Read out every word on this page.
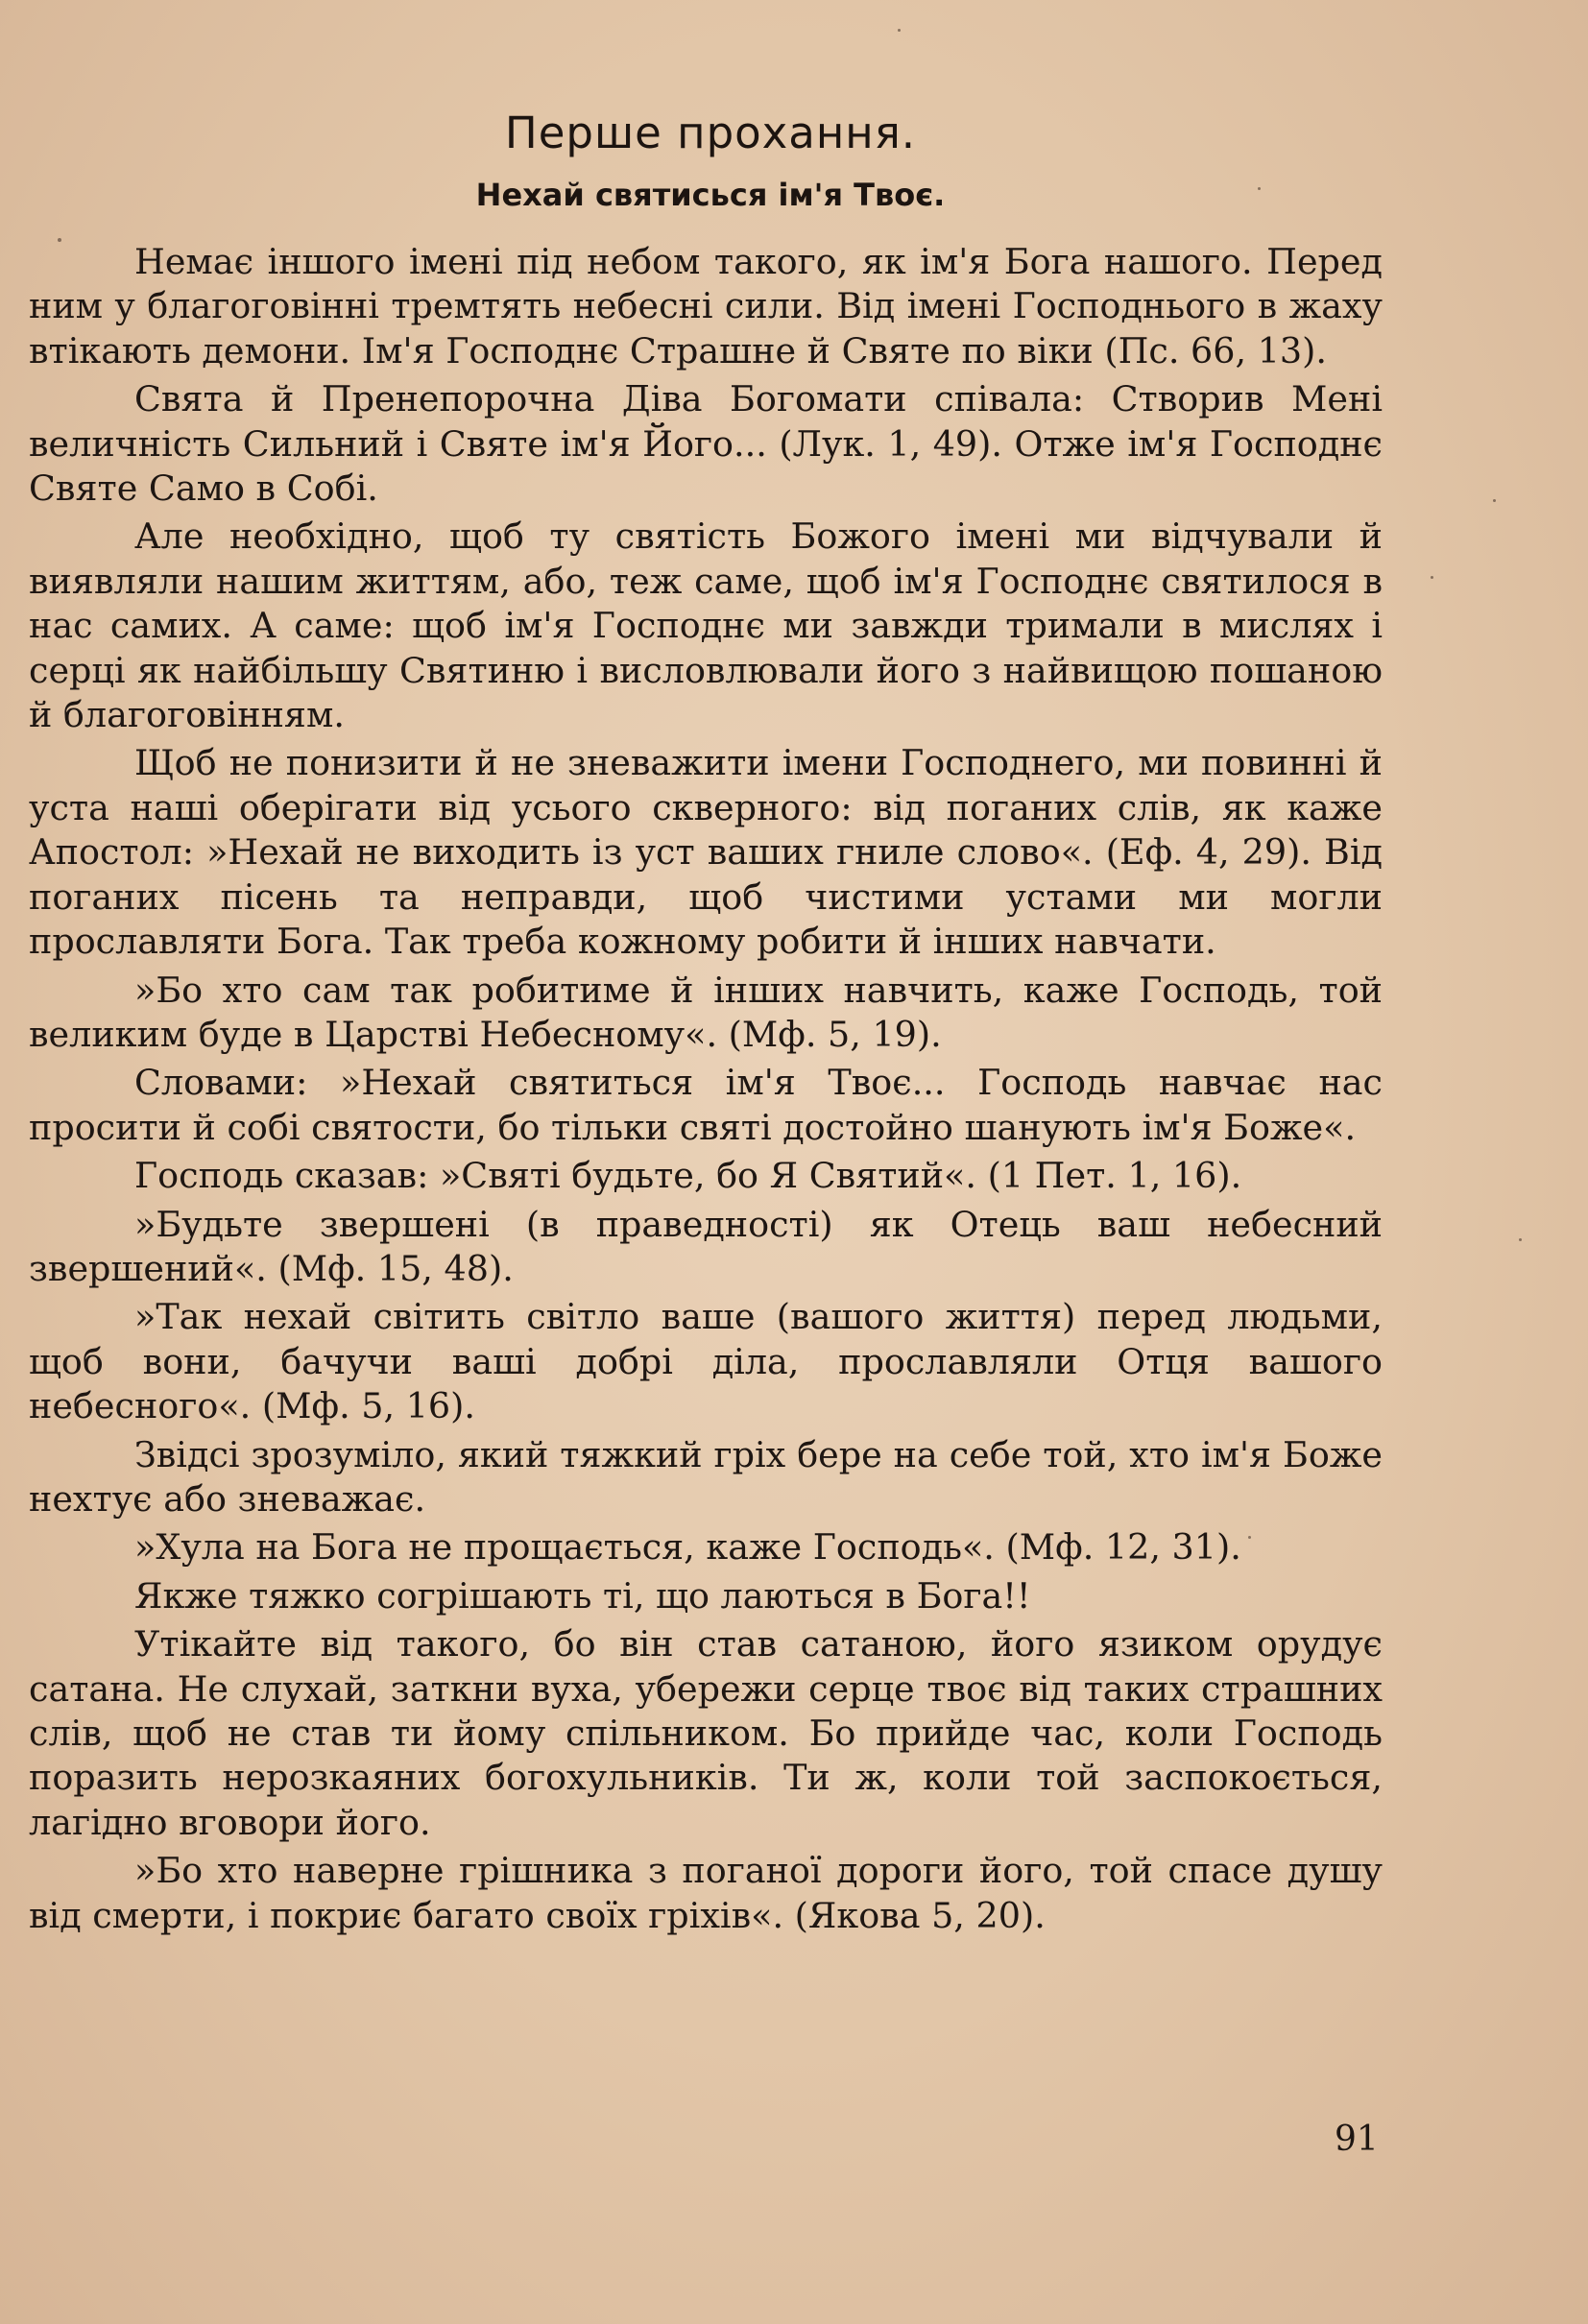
Перше прохання.
Нехай святисься ім'я Твоє.

Немає іншого імені під небом такого, як ім'я Бога нашого. Перед ним у благоговінні тремтять небесні сили. Від імені Господнього в жаху втікають демони. Ім'я Господнє Страшне й Святе по віки (Пс. 66, 13).

Свята й Пренепорочна Діва Богомати співала: Створив Мені величність Сильний і Святе ім'я Його... (Лук. 1, 49). Отже ім'я Господнє Святе Само в Собі.

Але необхідно, щоб ту святість Божого імені ми відчували й виявляли нашим життям, або, теж саме, щоб ім'я Господнє святилося в нас самих. А саме: щоб ім'я Господнє ми завжди тримали в мислях і серці як найбільшу Святиню і висловлювали його з найвищою пошаною й благоговінням.

Щоб не понизити й не зневажити імени Господнего, ми повинні й уста наші оберігати від усього скверного: від поганих слів, як каже Апостол: »Нехай не виходить із уст ваших гниле слово«. (Еф. 4, 29). Від поганих пісень та неправди, щоб чистими устами ми могли прославляти Бога. Так треба кожному робити й інших навчати.

»Бо хто сам так робитиме й інших навчить, каже Господь, той великим буде в Царстві Небесному«. (Мф. 5, 19).

Словами: »Нехай святиться ім'я Твоє... Господь навчає нас просити й собі святости, бо тільки святі достойно шанують ім'я Боже«.

Господь сказав: »Святі будьте, бо Я Святий«. (1 Пет. 1, 16).

»Будьте звершені (в праведності) як Отець ваш небесний звершений«. (Мф. 15, 48).

»Так нехай світить світло ваше (вашого життя) перед людьми, щоб вони, бачучи ваші добрі діла, прославляли Отця вашого небесного«. (Мф. 5, 16).

Звідсі зрозуміло, який тяжкий гріх бере на себе той, хто ім'я Боже нехтує або зневажає.

»Хула на Бога не прощається, каже Господь«. (Мф. 12, 31).

Якже тяжко согрішають ті, що лаються в Бога!!

Утікайте від такого, бо він став сатаною, його язиком орудує сатана. Не слухай, заткни вуха, убережи серце твоє від таких страшних слів, щоб не став ти йому спільником. Бо прийде час, коли Господь поразить нерозкаяних богохульників. Ти ж, коли той заспокоється, лагідно вговори його.

»Бо хто наверне грішника з поганої дороги його, той спасе душу від смерти, і покриє багато своїх гріхів«. (Якова 5, 20).

91
